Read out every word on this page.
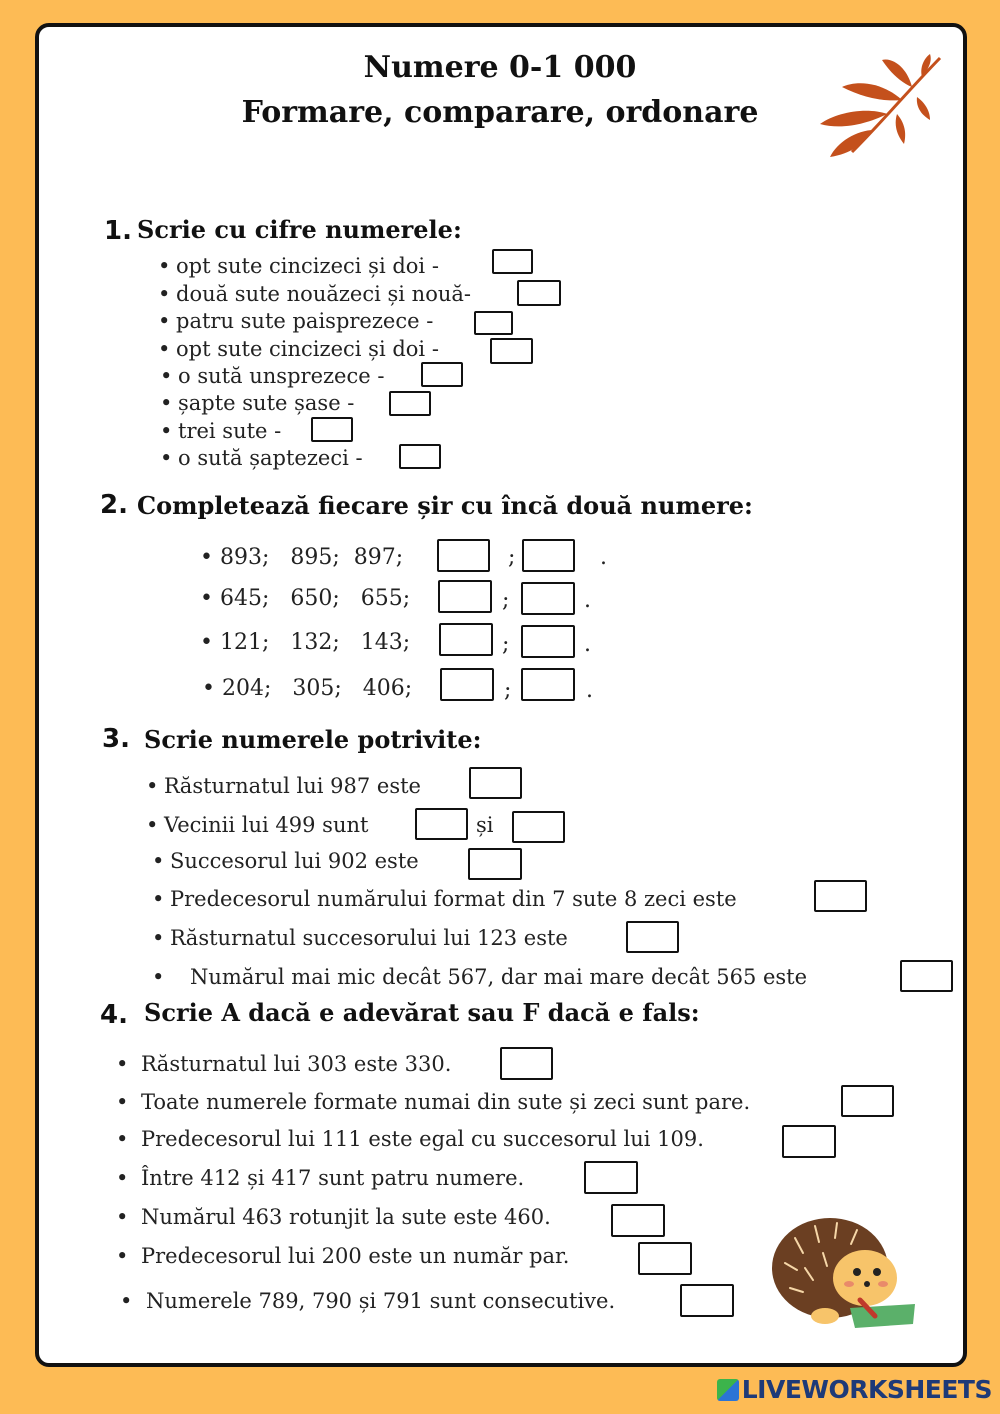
Numere 0-1 000
Formare, comparare, ordonare
1. Scrie cu cifre numerele:
• opt sute cincizeci și doi -
• două sute nouăzeci și nouă-
• patru sute paisprezece -
• opt sute cincizeci și doi -
• o sută unsprezece -
• șapte sute șase -
• trei sute -
• o sută șaptezeci -
2. Completează fiecare șir cu încă două numere:
• 893;   895;  897;	;	.
• 645;   650;   655;	;	.
• 121;   132;   143;	;	.
• 204;   305;   406;	;	.
3. Scrie numerele potrivite:
• Răsturnatul lui 987 este
• Vecinii lui 499 sunt	și
• Succesorul lui 902 este
• Predecesorul numărului format din 7 sute 8 zeci este
• Răsturnatul succesorului lui 123 este
• Numărul mai mic decât 567, dar mai mare decât 565 este
4. Scrie A dacă e adevărat sau F dacă e fals:
• Răsturnatul lui 303 este 330.
• Toate numerele formate numai din sute și zeci sunt pare.
• Predecesorul lui 111 este egal cu succesorul lui 109.
• Între 412 și 417 sunt patru numere.
• Numărul 463 rotunjit la sute este 460.
• Predecesorul lui 200 este un număr par.
• Numerele 789, 790 și 791 sunt consecutive.
LIVEWORKSHEETS
